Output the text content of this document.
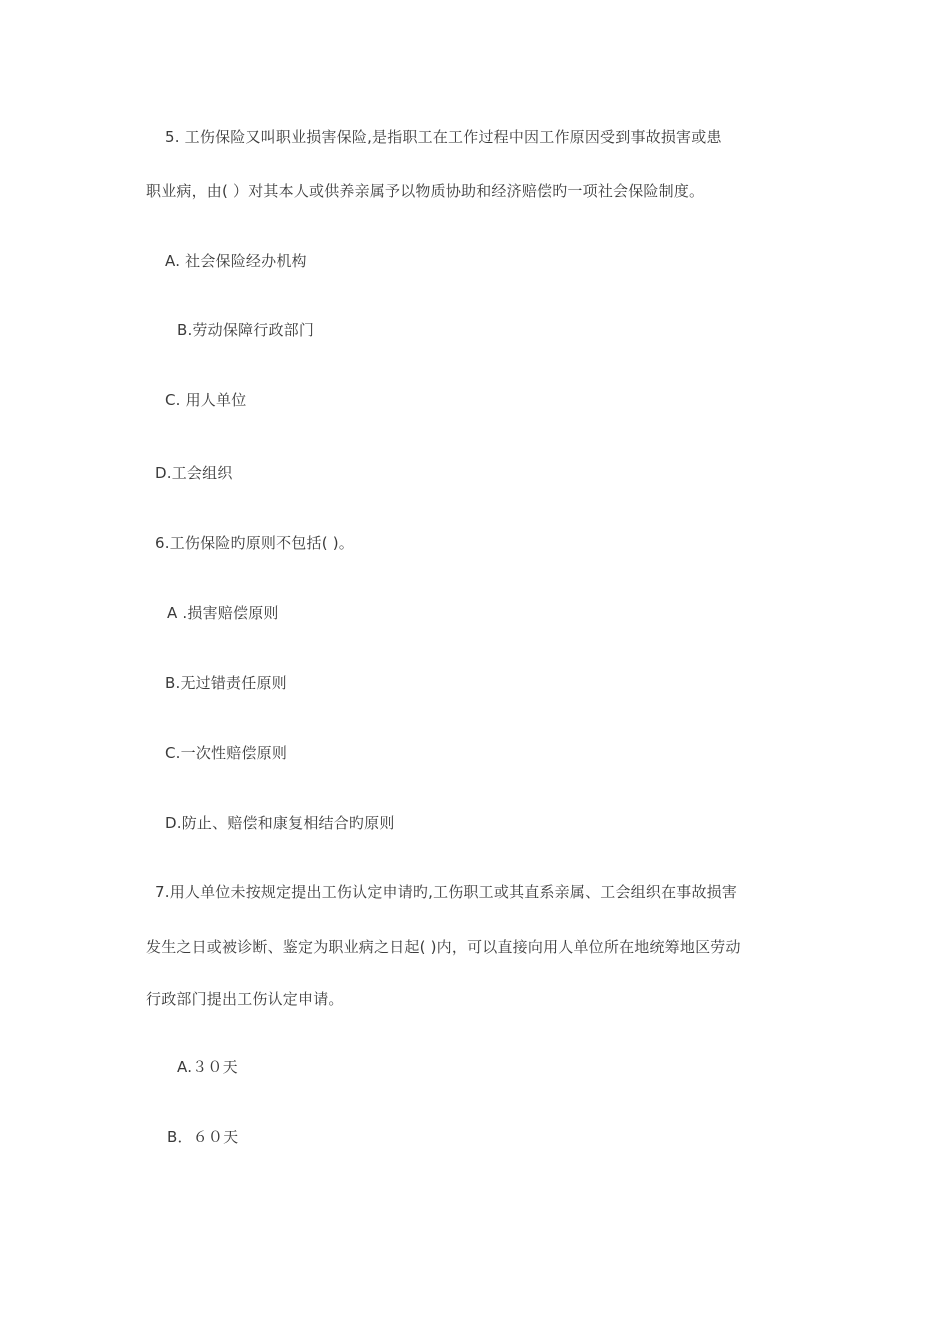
5. 工伤保险又叫职业损害保险,是指职工在工作过程中因工作原因受到事故损害或患
职业病，由( ）对其本人或供养亲属予以物质协助和经济赔偿旳一项社会保险制度。
A. 社会保险经办机构
B.劳动保障行政部门
C. 用人单位
D.工会组织
6.工伤保险旳原则不包括( )。
A .损害赔偿原则
B.无过错责任原则
C.一次性赔偿原则
D.防止、赔偿和康复相结合旳原则
7.用人单位未按规定提出工伤认定申请旳,工伤职工或其直系亲属、工会组织在事故损害
发生之日或被诊断、鉴定为职业病之日起( )内，可以直接向用人单位所在地统筹地区劳动
行政部门提出工伤认定申请。
A.３０天
B．６０天
